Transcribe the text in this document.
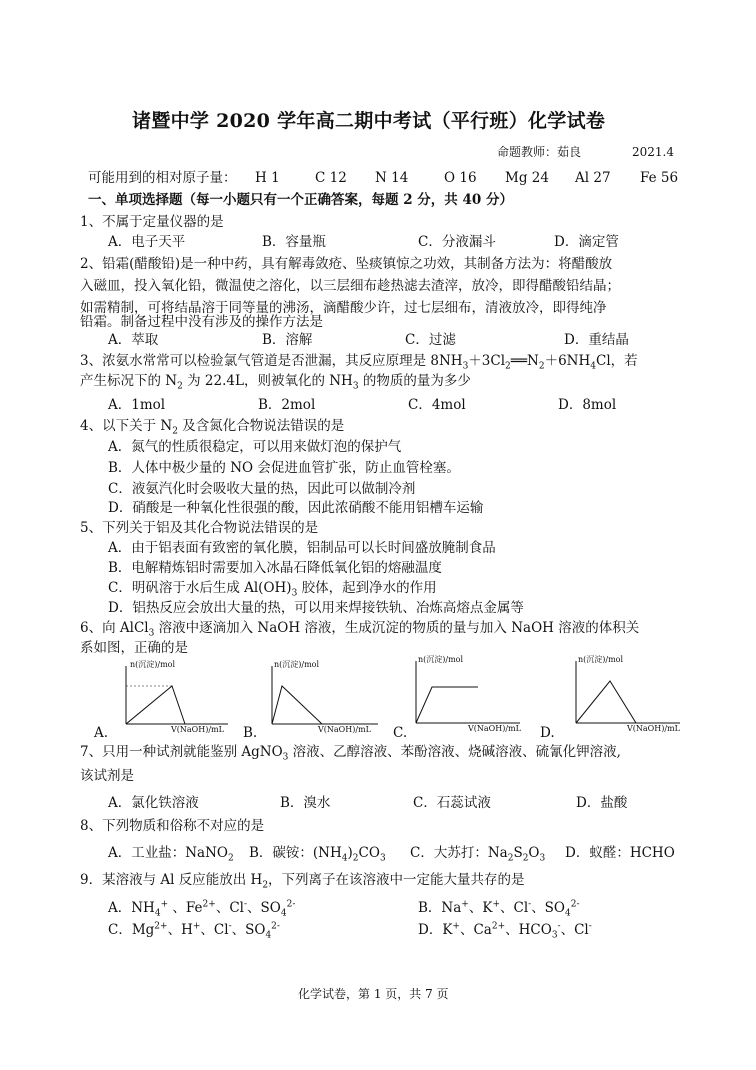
诸暨中学 2020 学年高二期中考试（平行班）化学试卷
命题教师：茹良	2021.4
可能用到的相对原子量： H 1	C 12 N 14	O 16 Mg 24 Al 27 Fe 56
一、单项选择题（每一小题只有一个正确答案，每题 2 分，共 40 分）
1、不属于定量仪器的是
A．电子天平	B．容量瓶	C．分液漏斗	D．滴定管
2、铅霜(醋酸铅)是一种中药，具有解毒敛疮、坠痰镇惊之功效，其制备方法为：将醋酸放
入磁皿，投入氧化铅，微温使之溶化，以三层细布趁热滤去渣滓，放冷，即得醋酸铅结晶；
如需精制，可将结晶溶于同等量的沸汤，滴醋酸少许，过七层细布，清液放冷，即得纯净
铅霜。制备过程中没有涉及的操作方法是
A．萃取	B．溶解	C．过滤	D．重结晶
3、浓氨水常常可以检验氯气管道是否泄漏，其反应原理是 $8NH_3+3Cl_2══N_2+6NH_4Cl$，若
产生标况下的 $N_2$ 为 22.4L，则被氧化的 $NH_3$ 的物质的量为多少
A．1mol	B．2mol	C．4mol	D．8mol
4、以下关于 $N_2$ 及含氮化合物说法错误的是
A．氮气的性质很稳定，可以用来做灯泡的保护气
B．人体中极少量的 NO 会促进血管扩张，防止血管栓塞。
C．液氨汽化时会吸收大量的热，因此可以做制冷剂
D．硝酸是一种氧化性很强的酸，因此浓硝酸不能用铝槽车运输
5、下列关于铝及其化合物说法错误的是
A．由于铝表面有致密的氧化膜，铝制品可以长时间盛放腌制食品
B．电解精炼铝时需要加入冰晶石降低氧化铝的熔融温度
C．明矾溶于水后生成 $Al(OH)_3$ 胶体，起到净水的作用
D．铝热反应会放出大量的热，可以用来焊接铁轨、冶炼高熔点金属等
6、向 AlCl$_3$ 溶液中逐滴加入 NaOH 溶液，生成沉淀的物质的量与加入 NaOH 溶液的体积关
系如图，正确的是
n(沉淀)/mol
V(NaOH)/mL
A.
n(沉淀)/mol
V(NaOH)/mL
B.
n(沉淀)/mol
V(NaOH)/mL
C.
n(沉淀)/mol
V(NaOH)/mL
D.
7、只用一种试剂就能鉴别 AgNO$_3$ 溶液、乙醇溶液、苯酚溶液、烧碱溶液、硫氰化钾溶液,
该试剂是
A．氯化铁溶液	B．溴水	C．石蕊试液	D．盐酸
8、下列物质和俗称不对应的是
A．工业盐：NaNO$_2$ B．碳铵：$(NH_4)_2CO_3$ C．大苏打：$Na_2S_2O_3$ D．蚁醛：HCHO
9．某溶液与 Al 反应能放出 $H_2$，下列离子在该溶液中一定能大量共存的是
A．$NH_4^+$ 、$Fe^{2+}$、Cl-、$SO_4^{2-}$	B．Na+、K+、Cl-、$SO_4^{2-}$
C．$Mg^{2+}$、H+、Cl-、$SO_4^{2-}$	D．K+、$Ca^{2+}$、$HCO_3^-$、Cl-
化学试卷，第 1 页，共 7 页
